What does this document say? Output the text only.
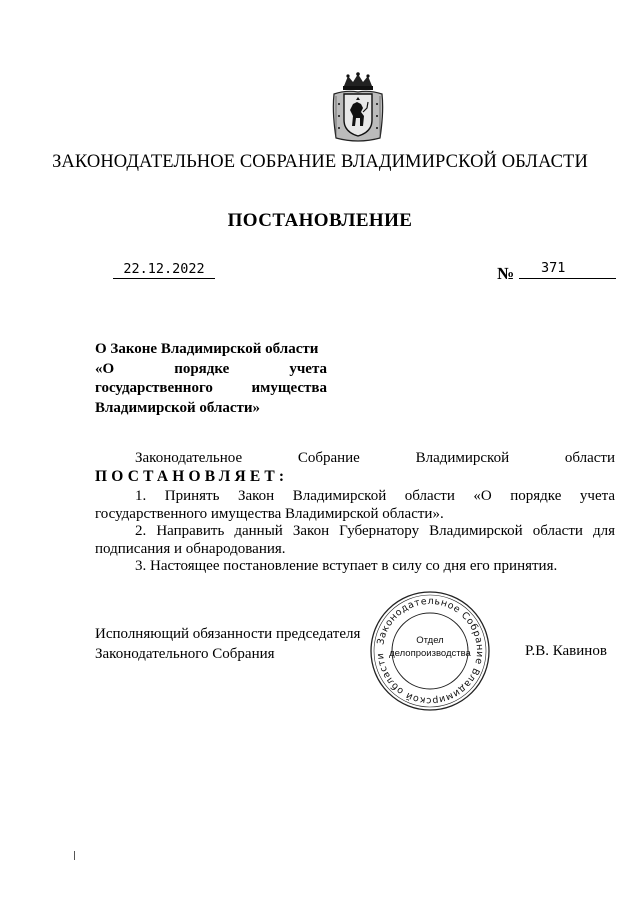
ЗАКОНОДАТЕЛЬНОЕ СОБРАНИЕ ВЛАДИМИРСКОЙ ОБЛАСТИ
ПОСТАНОВЛЕНИЕ
22.12.2022	№	371
О Законе Владимирской области
«О порядке учета
государственного имущества
Владимирской области»
Законодательное Собрание Владимирской области
ПОСТАНОВЛЯЕТ:
1. Принять Закон Владимирской области «О порядке учета
государственного имущества Владимирской области».
2. Направить данный Закон Губернатору Владимирской области для
подписания и обнародования.
3. Настоящее постановление вступает в силу со дня его принятия.
Исполняющий обязанности председателя
Законодательного Собрания	Р.В. Кавинов
Законодательное Собрание Владимирской области
Отдел
делопроизводства
